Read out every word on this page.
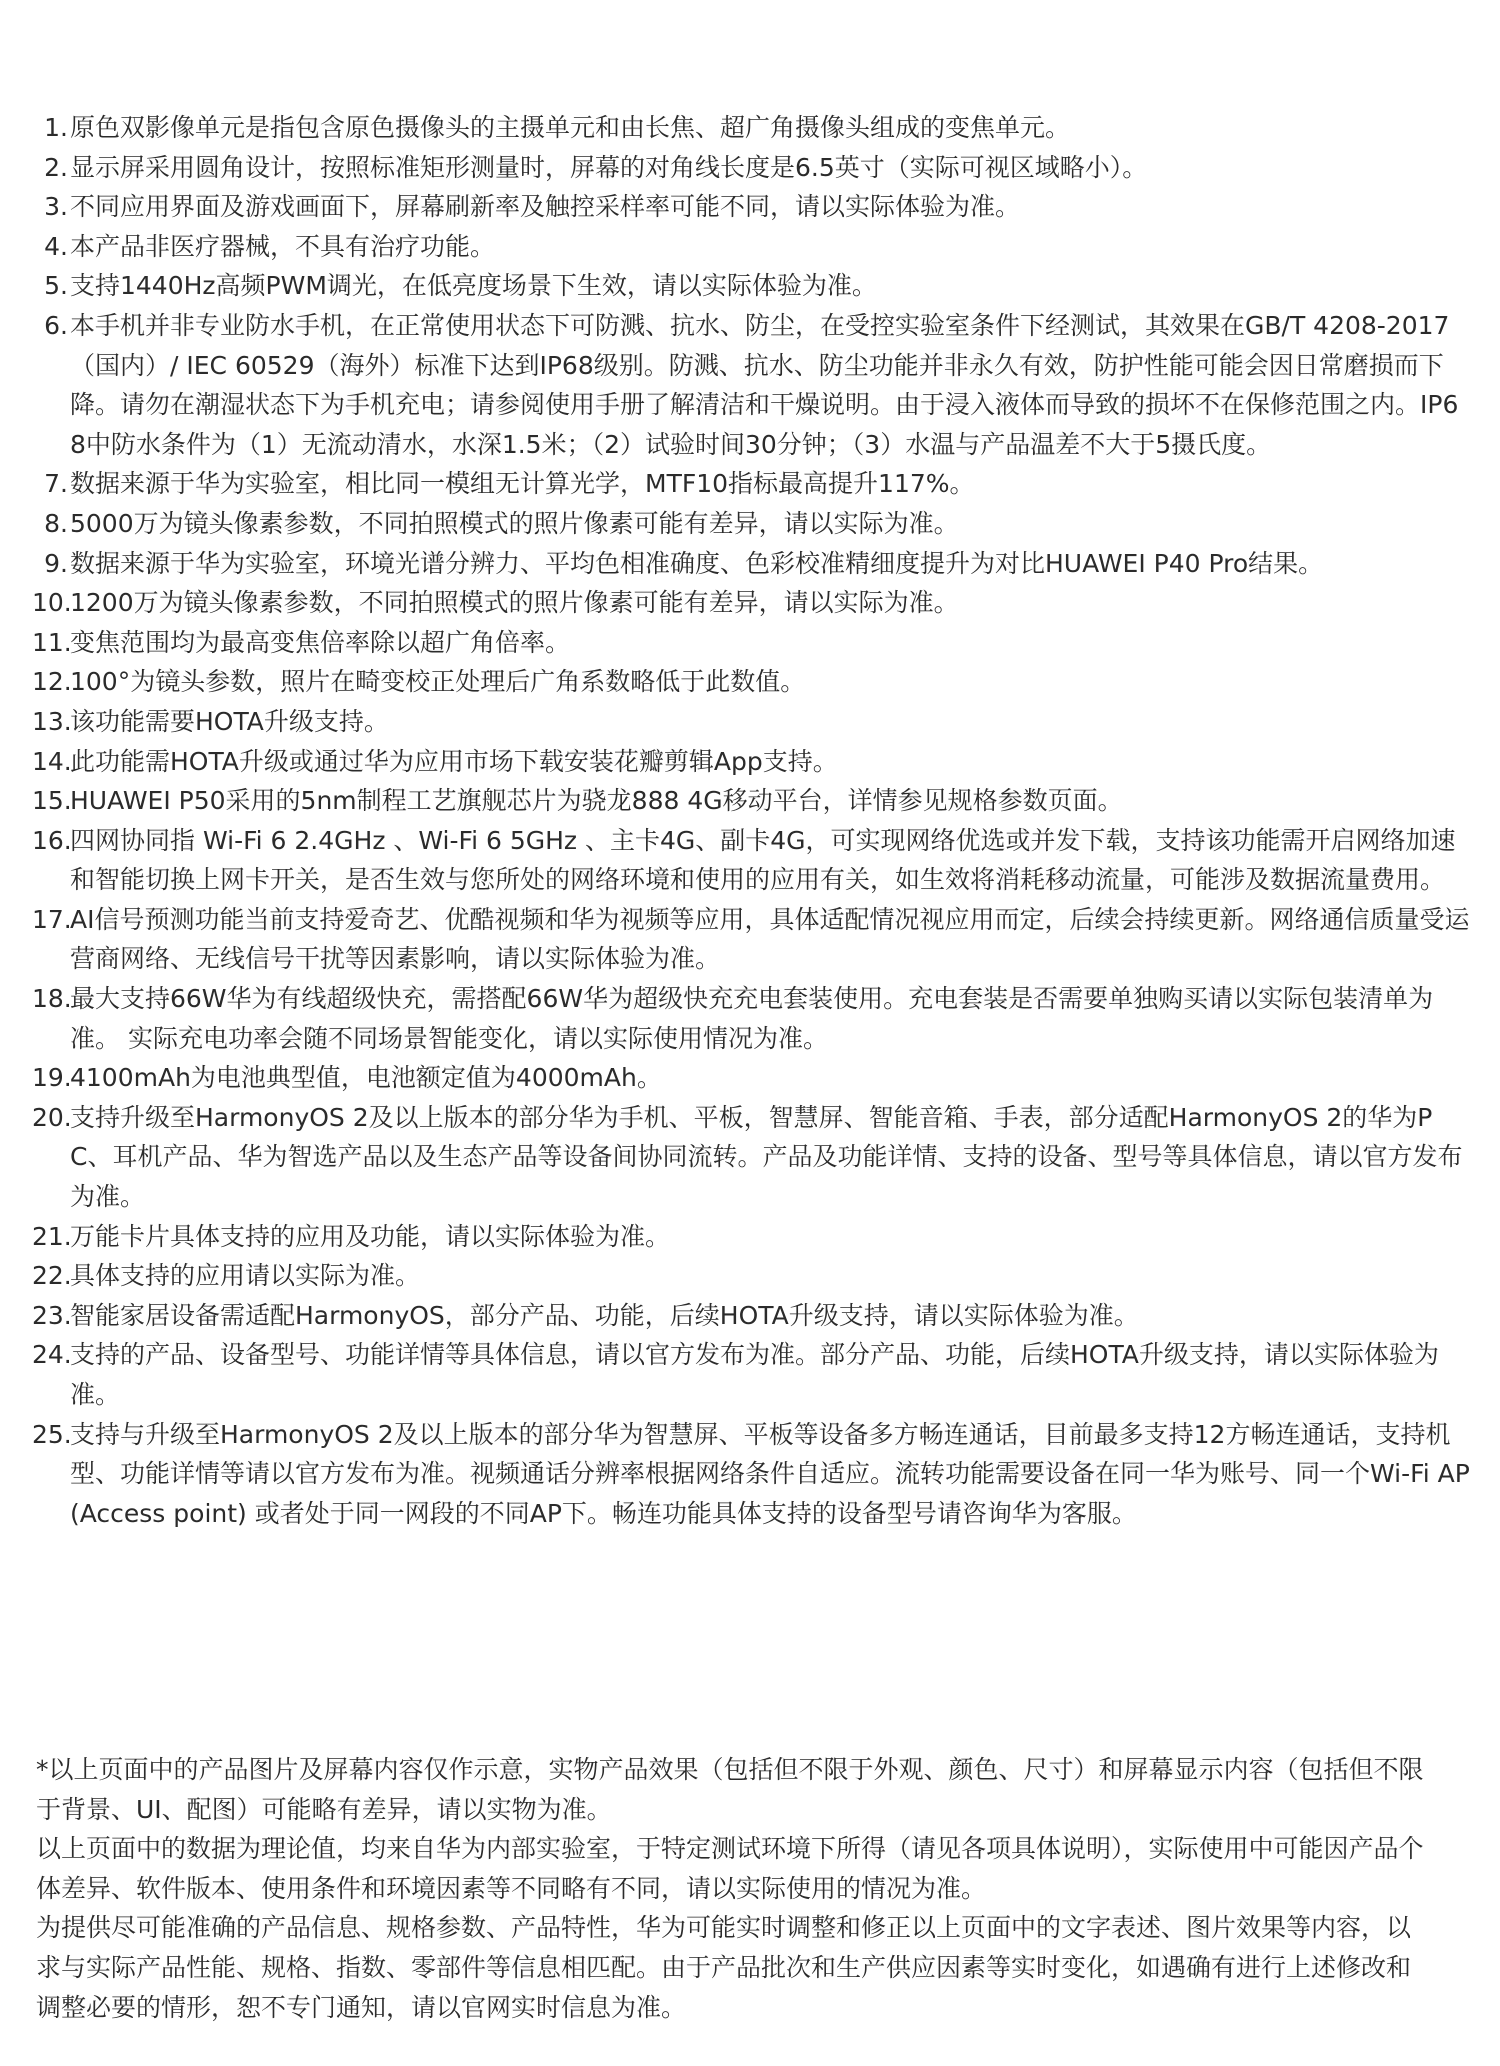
1. 原色双影像单元是指包含原色摄像头的主摄单元和由长焦、超广角摄像头组成的变焦单元。
2. 显示屏采用圆角设计，按照标准矩形测量时，屏幕的对角线长度是6.5英寸（实际可视区域略小）。
3. 不同应用界面及游戏画面下，屏幕刷新率及触控采样率可能不同，请以实际体验为准。
4. 本产品非医疗器械，不具有治疗功能。
5. 支持1440Hz高频PWM调光，在低亮度场景下生效，请以实际体验为准。
6. 本手机并非专业防水手机，在正常使用状态下可防溅、抗水、防尘，在受控实验室条件下经测试，其效果在GB/T 4208-2017（国内）/ IEC 60529（海外）标准下达到IP68级别。防溅、抗水、防尘功能并非永久有效，防护性能可能会因日常磨损而下降。请勿在潮湿状态下为手机充电；请参阅使用手册了解清洁和干燥说明。由于浸入液体而导致的损坏不在保修范围之内。IP68中防水条件为（1）无流动清水，水深1.5米；（2）试验时间30分钟；（3）水温与产品温差不大于5摄氏度。
7. 数据来源于华为实验室，相比同一模组无计算光学，MTF10指标最高提升117%。
8. 5000万为镜头像素参数，不同拍照模式的照片像素可能有差异，请以实际为准。
9. 数据来源于华为实验室，环境光谱分辨力、平均色相准确度、色彩校准精细度提升为对比HUAWEI P40 Pro结果。
10.
1200万为镜头像素参数，不同拍照模式的照片像素可能有差异，请以实际为准。
11.
变焦范围均为最高变焦倍率除以超广角倍率。
12.
100°为镜头参数，照片在畸变校正处理后广角系数略低于此数值。
13.
该功能需要HOTA升级支持。
14.
此功能需HOTA升级或通过华为应用市场下载安装花瓣剪辑App支持。
15.
HUAWEI P50采用的5nm制程工艺旗舰芯片为骁龙888 4G移动平台，详情参见规格参数页面。
16.
四网协同指 Wi-Fi 6 2.4GHz 、Wi-Fi 6 5GHz 、主卡4G、副卡4G，可实现网络优选或并发下载，支持该功能需开启网络加速和智能切换上网卡开关，是否生效与您所处的网络环境和使用的应用有关，如生效将消耗移动流量，可能涉及数据流量费用。
17.
AI信号预测功能当前支持爱奇艺、优酷视频和华为视频等应用，具体适配情况视应用而定，后续会持续更新。网络通信质量受运营商网络、无线信号干扰等因素影响，请以实际体验为准。
18.
最大支持66W华为有线超级快充，需搭配66W华为超级快充充电套装使用。充电套装是否需要单独购买请以实际包装清单为准。 实际充电功率会随不同场景智能变化，请以实际使用情况为准。
19.
4100mAh为电池典型值，电池额定值为4000mAh。
20.
支持升级至HarmonyOS 2及以上版本的部分华为手机、平板，智慧屏、智能音箱、手表，部分适配HarmonyOS 2的华为PC、耳机产品、华为智选产品以及生态产品等设备间协同流转。产品及功能详情、支持的设备、型号等具体信息，请以官方发布为准。
21.
万能卡片具体支持的应用及功能，请以实际体验为准。
22.
具体支持的应用请以实际为准。
23.
智能家居设备需适配HarmonyOS，部分产品、功能，后续HOTA升级支持，请以实际体验为准。
24.
支持的产品、设备型号、功能详情等具体信息，请以官方发布为准。部分产品、功能，后续HOTA升级支持，请以实际体验为准。
25.
支持与升级至HarmonyOS 2及以上版本的部分华为智慧屏、平板等设备多方畅连通话，目前最多支持12方畅连通话，支持机型、功能详情等请以官方发布为准。视频通话分辨率根据网络条件自适应。流转功能需要设备在同一华为账号、同一个Wi-Fi AP (Access point) 或者处于同一网段的不同AP下。畅连功能具体支持的设备型号请咨询华为客服。

*以上页面中的产品图片及屏幕内容仅作示意，实物产品效果（包括但不限于外观、颜色、尺寸）和屏幕显示内容（包括但不限于背景、UI、配图）可能略有差异，请以实物为准。

以上页面中的数据为理论值，均来自华为内部实验室，于特定测试环境下所得（请见各项具体说明），实际使用中可能因产品个体差异、软件版本、使用条件和环境因素等不同略有不同，请以实际使用的情况为准。

为提供尽可能准确的产品信息、规格参数、产品特性，华为可能实时调整和修正以上页面中的文字表述、图片效果等内容，以求与实际产品性能、规格、指数、零部件等信息相匹配。由于产品批次和生产供应因素等实时变化，如遇确有进行上述修改和调整必要的情形，恕不专门通知，请以官网实时信息为准。
